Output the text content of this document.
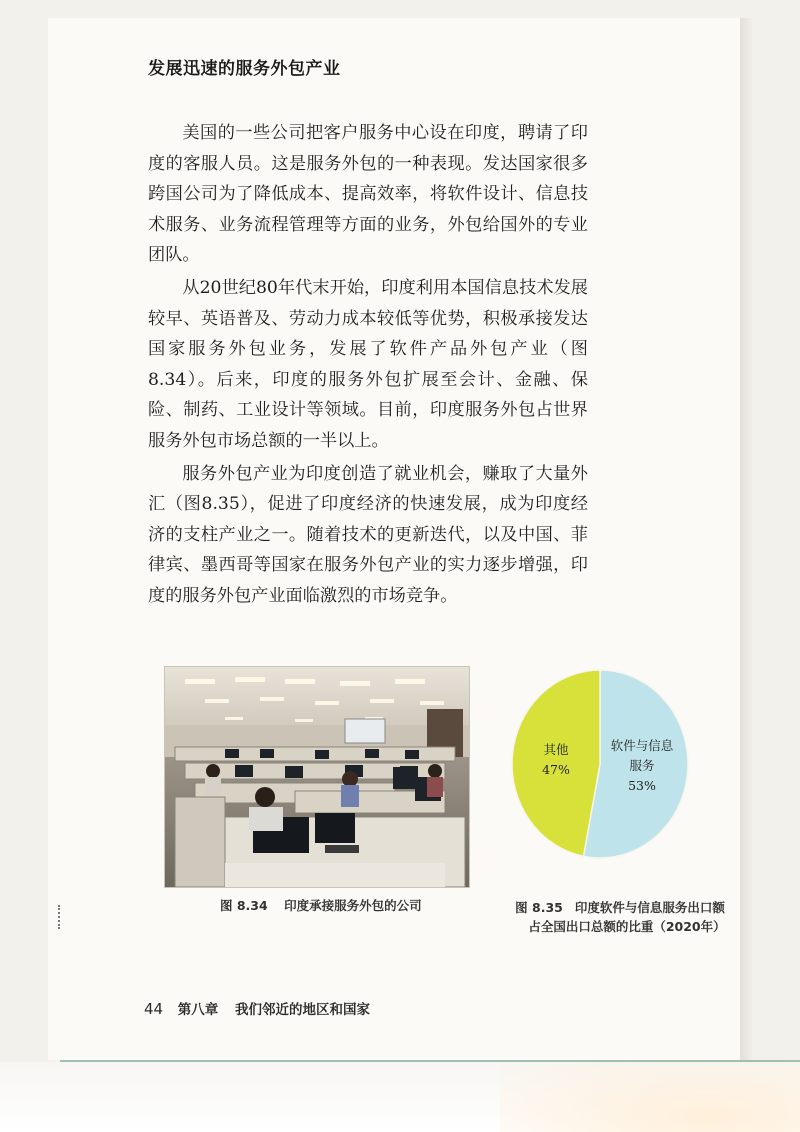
发展迅速的服务外包产业

美国的一些公司把客户服务中心设在印度，聘请了印度的客服人员。这是服务外包的一种表现。发达国家很多跨国公司为了降低成本、提高效率，将软件设计、信息技术服务、业务流程管理等方面的业务，外包给国外的专业团队。

从20世纪80年代末开始，印度利用本国信息技术发展较早、英语普及、劳动力成本较低等优势，积极承接发达国家服务外包业务，发展了软件产品外包产业（图8.34）。后来，印度的服务外包扩展至会计、金融、保险、制药、工业设计等领域。目前，印度服务外包占世界服务外包市场总额的一半以上。

服务外包产业为印度创造了就业机会，赚取了大量外汇（图8.35），促进了印度经济的快速发展，成为印度经济的支柱产业之一。随着技术的更新迭代，以及中国、菲律宾、墨西哥等国家在服务外包产业的实力逐步增强，印度的服务外包产业面临激烈的市场竞争。

图 8.34 印度承接服务外包的公司
软件与信息
服务
53%
其他
47%
图 8.35 印度软件与信息服务出口额
占全国出口总额的比重（2020年）
44 第八章 我们邻近的地区和国家
